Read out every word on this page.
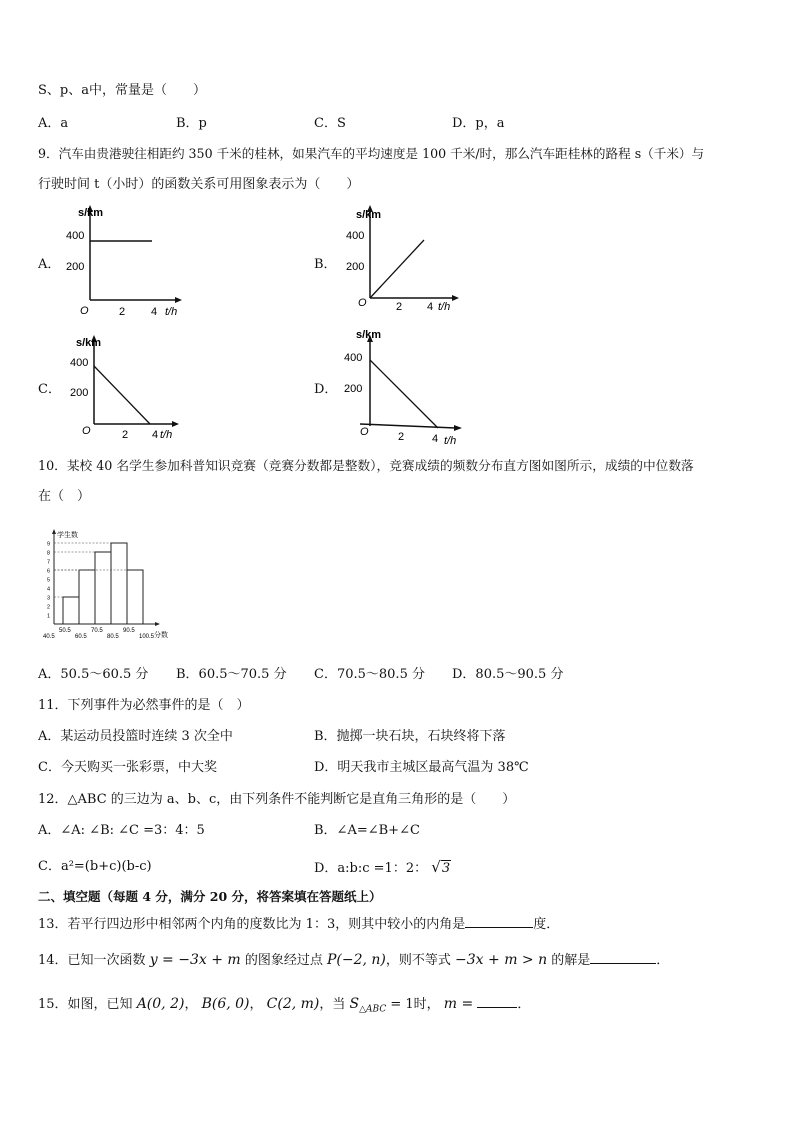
S、p、a中，常量是（　　）
A．a	B．p	C．S	D．p，a
9．汽车由贵港驶往相距约 350 千米的桂林，如果汽车的平均速度是 100 千米/时，那么汽车距桂林的路程 s（千米）与
行驶时间 t（小时）的函数关系可用图象表示为（　　）
A．	B．
C．	D．
s/km
400
200
O	2 4 t/h
s/km
400
200
O	2 4 t/h
s/km
400
200
O	2 4 t/h
s/km
400
200
O	2	4 t/h
10．某校 40 名学生参加科普知识竞赛（竞赛分数都是整数），竞赛成绩的频数分布直方图如图所示，成绩的中位数落
在（　）
学生数
分数
1
2
3
4
5
6
7
8
9
40.5
50.5
60.5
70.5
80.5
90.5
100.5
A．50.5～60.5 分 B．60.5～70.5 分 C．70.5～80.5 分 D．80.5～90.5 分
11．下列事件为必然事件的是（　）
A．某运动员投篮时连续 3 次全中	B．抛掷一块石块，石块终将下落
C．今天购买一张彩票，中大奖	D．明天我市主城区最高气温为 38℃
12．△ABC 的三边为 a、b、c，由下列条件不能判断它是直角三角形的是（　　）
A．∠A: ∠B: ∠C =3：4：5	B．∠A=∠B+∠C
C．a²=(b+c)(b-c)	D．a:b:c =1：2： √3
二、填空题（每题 4 分，满分 20 分，将答案填在答题纸上）
13．若平行四边形中相邻两个内角的度数比为 1：3，则其中较小的内角是	度．
14．已知一次函数 y = −3x + m 的图象经过点 P(−2, n)，则不等式 −3x + m > n 的解是	．
15．如图，已知 A(0, 2)， B(6, 0)， C(2, m)，当 $S_{\triangle ABC} = 1$时， m =	．
